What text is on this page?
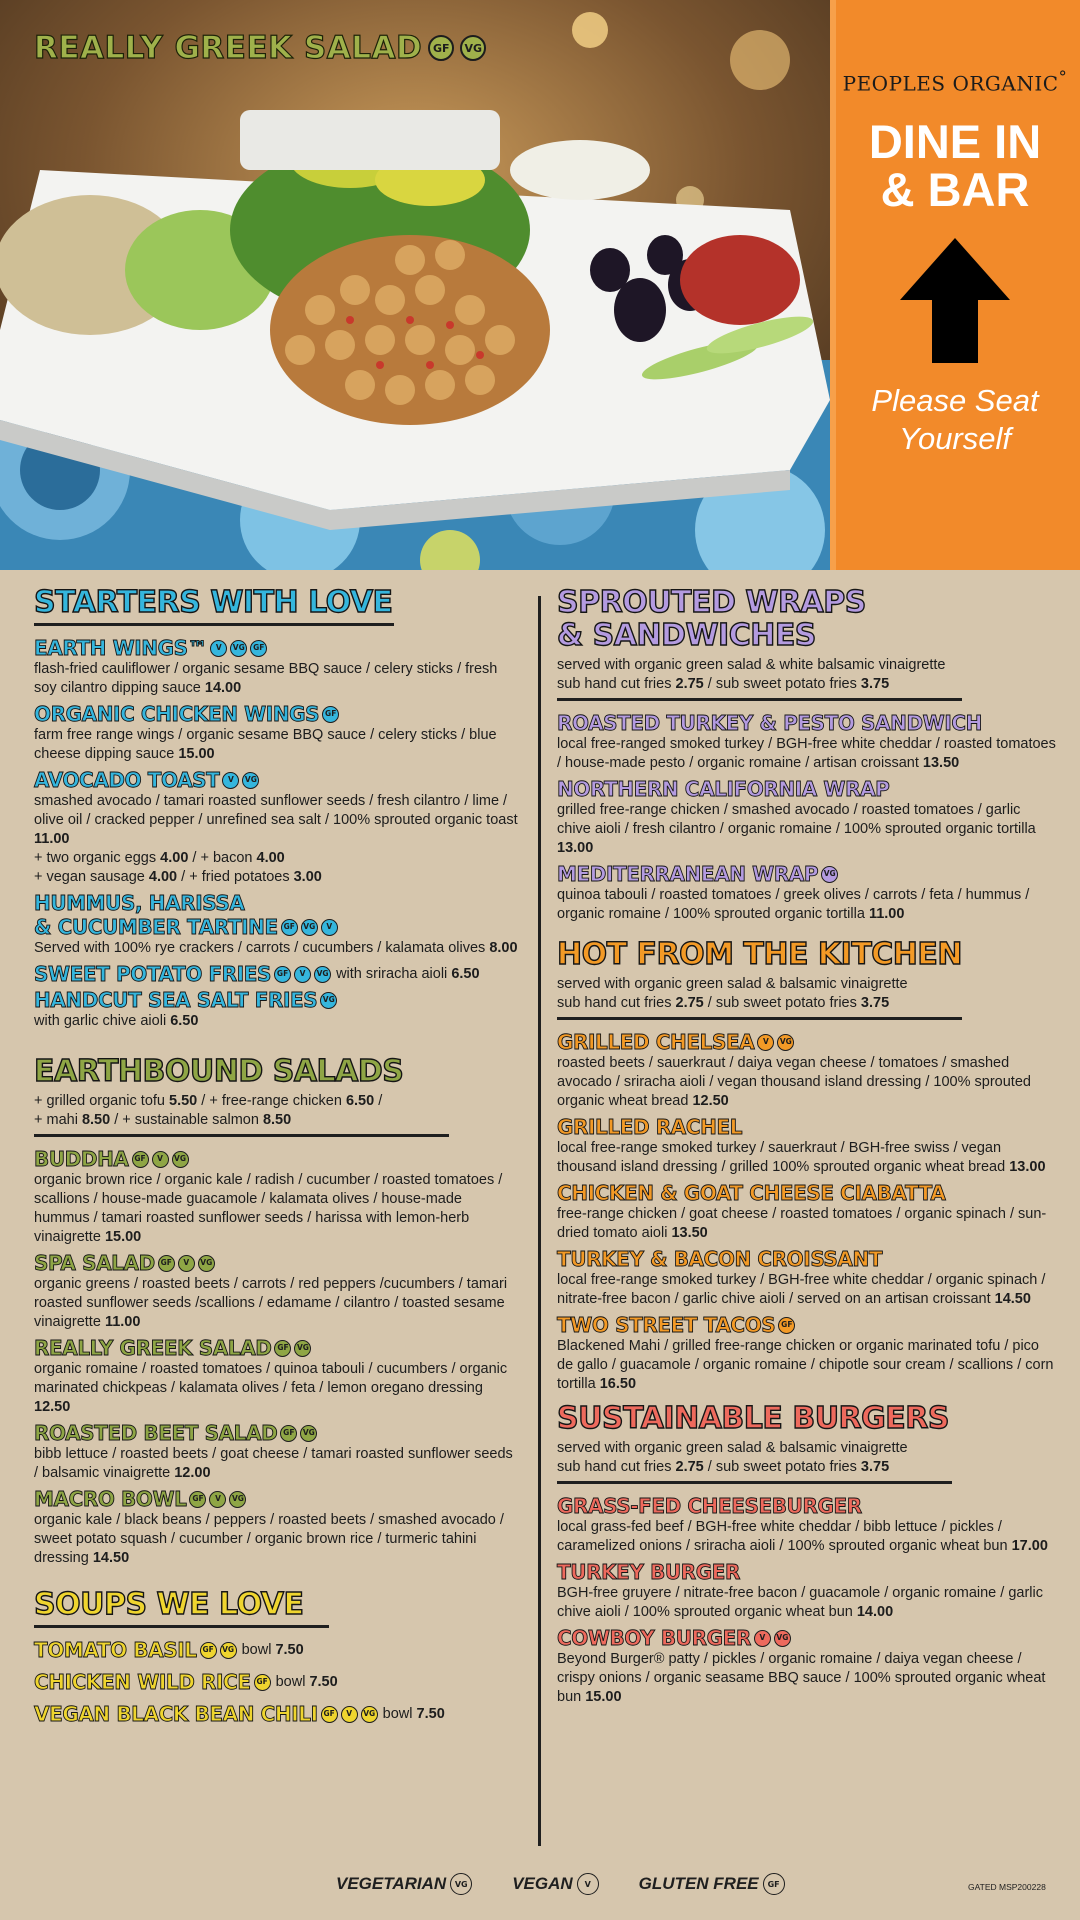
REALLY GREEK SALAD GF	VG
PEOPLES ORGANIC°
DINE IN
& BAR
Please Seat
Yourself
STARTERS WITH LOVE
EARTH WINGS™	V	VG	GF
flash-fried cauliflower / organic sesame BBQ sauce / celery sticks / fresh soy cilantro dipping sauce 14.00
ORGANIC CHICKEN WINGS GF
farm free range wings / organic sesame BBQ sauce / celery sticks / blue cheese dipping sauce 15.00
AVOCADO TOAST	V	VG
smashed avocado / tamari roasted sunflower seeds / fresh cilantro / lime / olive oil / cracked pepper / unrefined sea salt / 100% sprouted organic toast 11.00
+ two organic eggs 4.00 / + bacon 4.00
+ vegan sausage 4.00 / + fried potatoes 3.00
HUMMUS, HARISSA
& CUCUMBER TARTINE GF	VG	V
Served with 100% rye crackers / carrots / cucumbers / kalamata olives 8.00
SWEET POTATO FRIES GF	V	VG with sriracha aioli 6.50
HANDCUT SEA SALT FRIES VG
with garlic chive aioli 6.50
EARTHBOUND SALADS
+ grilled organic tofu 5.50 / + free-range chicken 6.50 /
+ mahi 8.50 / + sustainable salmon 8.50
BUDDHA GF	V	VG
organic brown rice / organic kale / radish / cucumber / roasted tomatoes / scallions / house-made guacamole / kalamata olives / house-made hummus / tamari roasted sunflower seeds / harissa with lemon-herb vinaigrette 15.00
SPA SALAD GF	V	VG
organic greens / roasted beets / carrots / red peppers /cucumbers / tamari roasted sunflower seeds /scallions / edamame / cilantro / toasted sesame vinaigrette 11.00
REALLY GREEK SALAD GF	VG
organic romaine / roasted tomatoes / quinoa tabouli / cucumbers / organic marinated chickpeas / kalamata olives / feta / lemon oregano dressing 12.50
ROASTED BEET SALAD GF	VG
bibb lettuce / roasted beets / goat cheese / tamari roasted sunflower seeds / balsamic vinaigrette 12.00
MACRO BOWL GF	V	VG
organic kale / black beans / peppers / roasted beets / smashed avocado / sweet potato squash / cucumber / organic brown rice / turmeric tahini dressing 14.50
SOUPS WE LOVE
TOMATO BASIL GF	VG bowl 7.50
CHICKEN WILD RICE GF bowl 7.50
VEGAN BLACK BEAN CHILI GF	V	VG bowl 7.50
SPROUTED WRAPS
& SANDWICHES
served with organic green salad & white balsamic vinaigrette
sub hand cut fries 2.75 / sub sweet potato fries 3.75
ROASTED TURKEY & PESTO SANDWICH
local free-ranged smoked turkey / BGH-free white cheddar / roasted tomatoes / house-made pesto / organic romaine / artisan croissant 13.50
NORTHERN CALIFORNIA WRAP
grilled free-range chicken / smashed avocado / roasted tomatoes / garlic chive aioli / fresh cilantro / organic romaine / 100% sprouted organic tortilla 13.00
MEDITERRANEAN WRAP VG
quinoa tabouli / roasted tomatoes / greek olives / carrots / feta / hummus / organic romaine / 100% sprouted organic tortilla 11.00
HOT FROM THE KITCHEN
served with organic green salad & balsamic vinaigrette
sub hand cut fries 2.75 / sub sweet potato fries 3.75
GRILLED CHELSEA	V	VG
roasted beets / sauerkraut / daiya vegan cheese / tomatoes / smashed avocado / sriracha aioli / vegan thousand island dressing / 100% sprouted organic wheat bread 12.50
GRILLED RACHEL
local free-range smoked turkey / sauerkraut / BGH-free swiss / vegan thousand island dressing / grilled 100% sprouted organic wheat bread 13.00
CHICKEN & GOAT CHEESE CIABATTA
free-range chicken / goat cheese / roasted tomatoes / organic spinach / sun-dried tomato aioli 13.50
TURKEY & BACON CROISSANT
local free-range smoked turkey / BGH-free white cheddar / organic spinach / nitrate-free bacon / garlic chive aioli / served on an artisan croissant 14.50
TWO STREET TACOS GF
Blackened Mahi / grilled free-range chicken or organic marinated tofu / pico de gallo / guacamole / organic romaine / chipotle sour cream / scallions / corn tortilla 16.50
SUSTAINABLE BURGERS
served with organic green salad & balsamic vinaigrette
sub hand cut fries 2.75 / sub sweet potato fries 3.75
GRASS-FED CHEESEBURGER
local grass-fed beef / BGH-free white cheddar / bibb lettuce / pickles / caramelized onions / sriracha aioli / 100% sprouted organic wheat bun 17.00
TURKEY BURGER
BGH-free gruyere / nitrate-free bacon / guacamole / organic romaine / garlic chive aioli / 100% sprouted organic wheat bun 14.00
COWBOY BURGER	V	VG
Beyond Burger® patty / pickles / organic romaine / daiya vegan cheese / crispy onions / organic seasame BBQ sauce / 100% sprouted organic wheat bun 15.00
VEGETARIAN	VG	VEGAN	V	GLUTEN FREE	GF	GATED MSP200228
